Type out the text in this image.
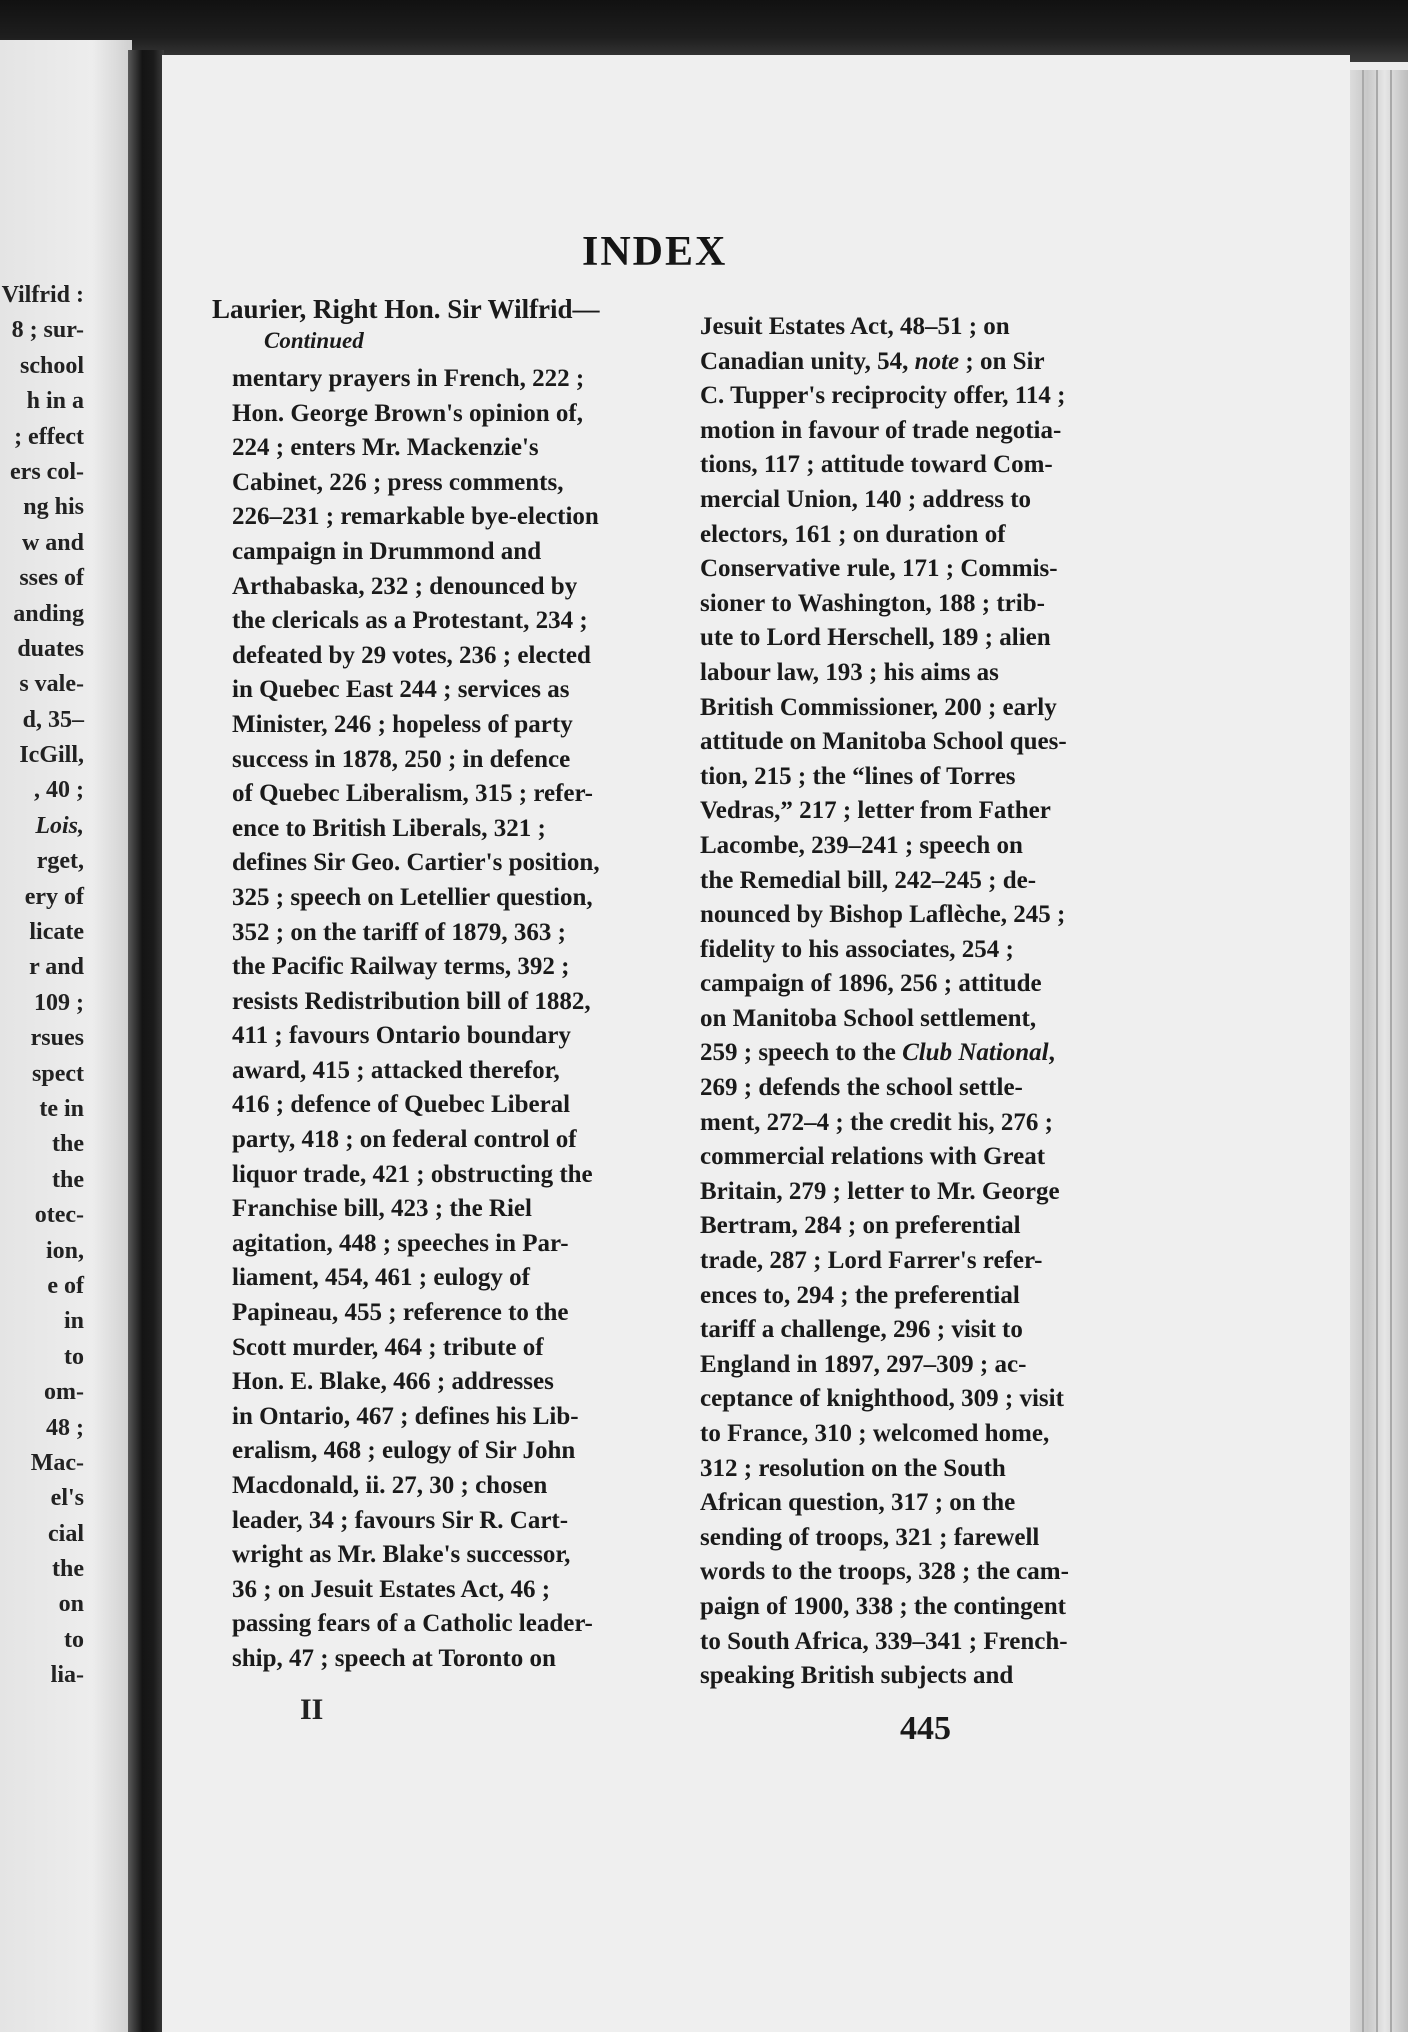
Vilfrid :
8 ; sur-
school
h in a
; effect
ers col-
ng his
w and
sses of
anding
duates
s vale-
d, 35–
IcGill,
, 40 ;
Lois,
rget,
ery of
licate
r and
109 ;
rsues
spect
te in
the
the
otec-
ion,
e of
in
to
om-
48 ;
Mac-
el's
cial
the
on
to
lia-
INDEX
Laurier, Right Hon. Sir Wilfrid—
Continued
mentary prayers in French, 222 ;
Hon. George Brown's opinion of,
224 ; enters Mr. Mackenzie's
Cabinet, 226 ; press comments,
226–231 ; remarkable bye-election
campaign in Drummond and
Arthabaska, 232 ; denounced by
the clericals as a Protestant, 234 ;
defeated by 29 votes, 236 ; elected
in Quebec East 244 ; services as
Minister, 246 ; hopeless of party
success in 1878, 250 ; in defence
of Quebec Liberalism, 315 ; refer-
ence to British Liberals, 321 ;
defines Sir Geo. Cartier's position,
325 ; speech on Letellier question,
352 ; on the tariff of 1879, 363 ;
the Pacific Railway terms, 392 ;
resists Redistribution bill of 1882,
411 ; favours Ontario boundary
award, 415 ; attacked therefor,
416 ; defence of Quebec Liberal
party, 418 ; on federal control of
liquor trade, 421 ; obstructing the
Franchise bill, 423 ; the Riel
agitation, 448 ; speeches in Par-
liament, 454, 461 ; eulogy of
Papineau, 455 ; reference to the
Scott murder, 464 ; tribute of
Hon. E. Blake, 466 ; addresses
in Ontario, 467 ; defines his Lib-
eralism, 468 ; eulogy of Sir John
Macdonald, ii. 27, 30 ; chosen
leader, 34 ; favours Sir R. Cart-
wright as Mr. Blake's successor,
36 ; on Jesuit Estates Act, 46 ;
passing fears of a Catholic leader-
ship, 47 ; speech at Toronto on
Jesuit Estates Act, 48–51 ; on
Canadian unity, 54, note ; on Sir
C. Tupper's reciprocity offer, 114 ;
motion in favour of trade negotia-
tions, 117 ; attitude toward Com-
mercial Union, 140 ; address to
electors, 161 ; on duration of
Conservative rule, 171 ; Commis-
sioner to Washington, 188 ; trib-
ute to Lord Herschell, 189 ; alien
labour law, 193 ; his aims as
British Commissioner, 200 ; early
attitude on Manitoba School ques-
tion, 215 ; the “lines of Torres
Vedras,” 217 ; letter from Father
Lacombe, 239–241 ; speech on
the Remedial bill, 242–245 ; de-
nounced by Bishop Laflèche, 245 ;
fidelity to his associates, 254 ;
campaign of 1896, 256 ; attitude
on Manitoba School settlement,
259 ; speech to the Club National,
269 ; defends the school settle-
ment, 272–4 ; the credit his, 276 ;
commercial relations with Great
Britain, 279 ; letter to Mr. George
Bertram, 284 ; on preferential
trade, 287 ; Lord Farrer's refer-
ences to, 294 ; the preferential
tariff a challenge, 296 ; visit to
England in 1897, 297–309 ; ac-
ceptance of knighthood, 309 ; visit
to France, 310 ; welcomed home,
312 ; resolution on the South
African question, 317 ; on the
sending of troops, 321 ; farewell
words to the troops, 328 ; the cam-
paign of 1900, 338 ; the contingent
to South Africa, 339–341 ; French-
speaking British subjects and
II
445
